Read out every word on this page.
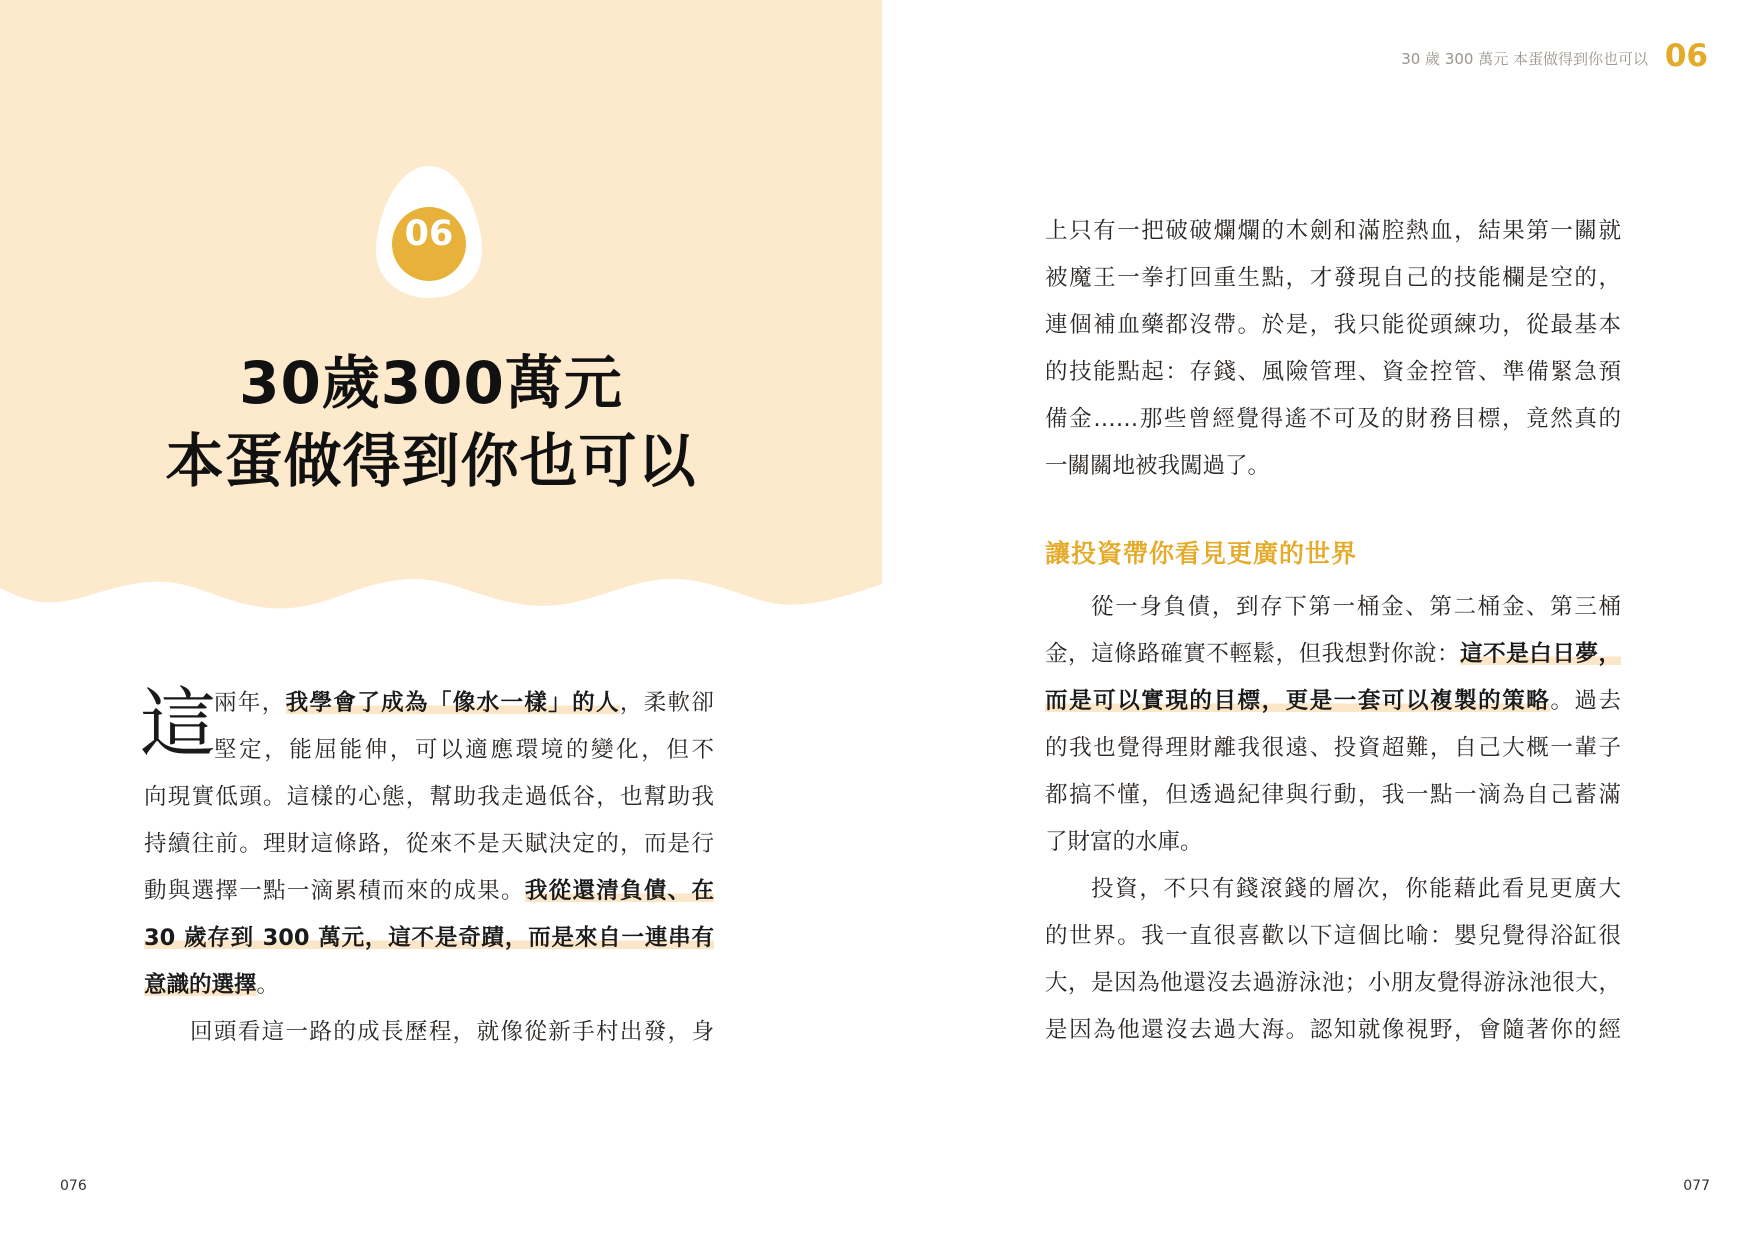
06
30歲300萬元
本蛋做得到你也可以
這
兩年，我學會了成為「像水一樣」的人，柔軟卻
堅定，能屈能伸，可以適應環境的變化，但不
向現實低頭。這樣的心態，幫助我走過低谷，也幫助我
持續往前。理財這條路，從來不是天賦決定的，而是行
動與選擇一點一滴累積而來的成果。我從還清負債、在
30 歲存到 300 萬元，這不是奇蹟，而是來自一連串有
意識的選擇。
回頭看這一路的成長歷程，就像從新手村出發，身
076
30 歲 300 萬元 本蛋做得到你也可以 06
上只有一把破破爛爛的木劍和滿腔熱血，結果第一關就
被魔王一拳打回重生點，才發現自己的技能欄是空的，
連個補血藥都沒帶。於是，我只能從頭練功，從最基本
的技能點起：存錢、風險管理、資金控管、準備緊急預
備金……那些曾經覺得遙不可及的財務目標，竟然真的
一關關地被我闖過了。
讓投資帶你看見更廣的世界
從一身負債，到存下第一桶金、第二桶金、第三桶
金，這條路確實不輕鬆，但我想對你說：這不是白日夢，
而是可以實現的目標，更是一套可以複製的策略。過去
的我也覺得理財離我很遠、投資超難，自己大概一輩子
都搞不懂，但透過紀律與行動，我一點一滴為自己蓄滿
了財富的水庫。
投資，不只有錢滾錢的層次，你能藉此看見更廣大
的世界。我一直很喜歡以下這個比喻：嬰兒覺得浴缸很
大，是因為他還沒去過游泳池；小朋友覺得游泳池很大，
是因為他還沒去過大海。認知就像視野，會隨著你的經
077
